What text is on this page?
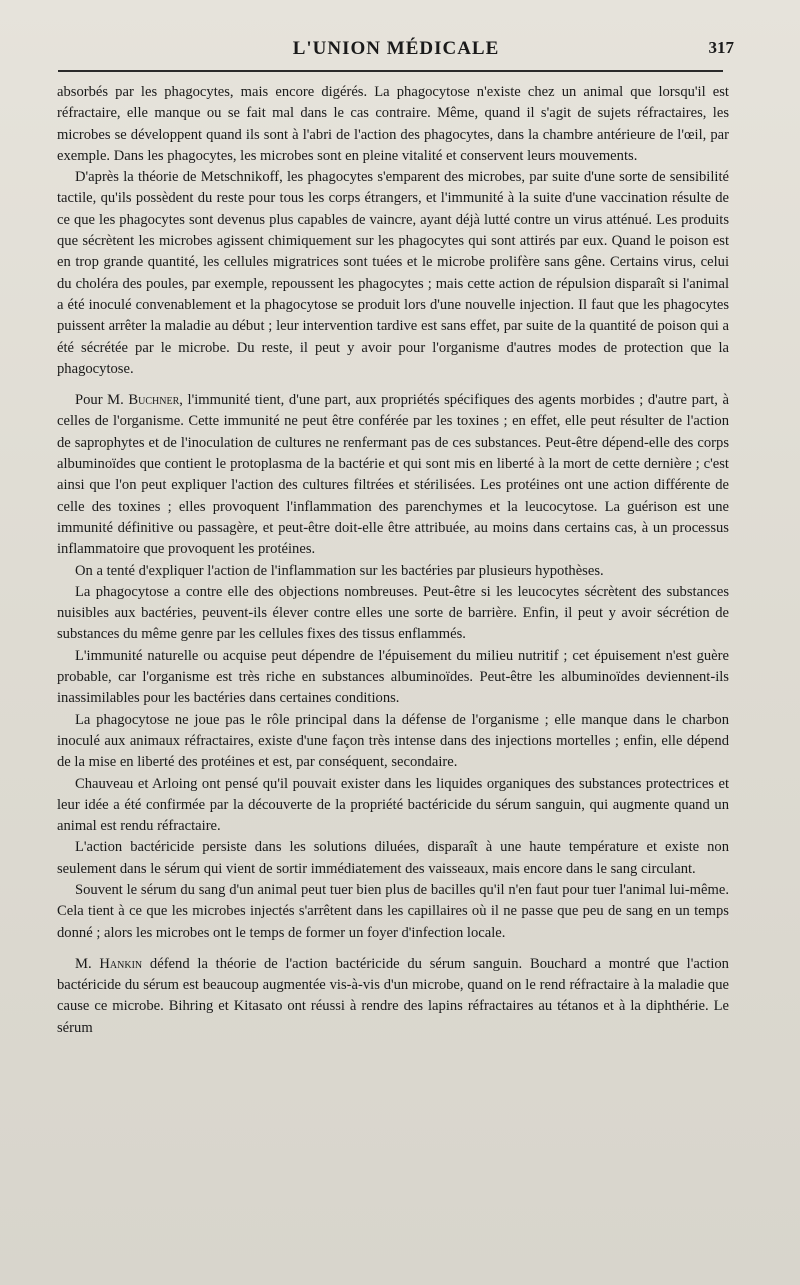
L'UNION MÉDICALE	317

absorbés par les phagocytes, mais encore digérés. La phagocytose n'existe chez un animal que lorsqu'il est réfractaire, elle manque ou se fait mal dans le cas contraire. Même, quand il s'agit de sujets réfractaires, les microbes se développent quand ils sont à l'abri de l'action des phagocytes, dans la chambre antérieure de l'œil, par exemple. Dans les phagocytes, les microbes sont en pleine vitalité et conservent leurs mouvements.

D'après la théorie de Metschnikoff, les phagocytes s'emparent des microbes, par suite d'une sorte de sensibilité tactile, qu'ils possèdent du reste pour tous les corps étrangers, et l'immunité à la suite d'une vaccination résulte de ce que les phagocytes sont devenus plus capables de vaincre, ayant déjà lutté contre un virus atténué. Les produits que sécrètent les microbes agissent chimiquement sur les phagocytes qui sont attirés par eux. Quand le poison est en trop grande quantité, les cellules migratrices sont tuées et le microbe prolifère sans gêne. Certains virus, celui du choléra des poules, par exemple, repoussent les phagocytes ; mais cette action de répulsion disparaît si l'animal a été inoculé convenablement et la phagocytose se produit lors d'une nouvelle injection. Il faut que les phagocytes puissent arrêter la maladie au début ; leur intervention tardive est sans effet, par suite de la quantité de poison qui a été sécrétée par le microbe. Du reste, il peut y avoir pour l'organisme d'autres modes de protection que la phagocytose.

Pour M. Buchner, l'immunité tient, d'une part, aux propriétés spécifiques des agents morbides ; d'autre part, à celles de l'organisme. Cette immunité ne peut être conférée par les toxines ; en effet, elle peut résulter de l'action de saprophytes et de l'inoculation de cultures ne renfermant pas de ces substances. Peut-être dépend-elle des corps albuminoïdes que contient le protoplasma de la bactérie et qui sont mis en liberté à la mort de cette dernière ; c'est ainsi que l'on peut expliquer l'action des cultures filtrées et stérilisées. Les protéines ont une action différente de celle des toxines ; elles provoquent l'inflammation des parenchymes et la leucocytose. La guérison est une immunité définitive ou passagère, et peut-être doit-elle être attribuée, au moins dans certains cas, à un processus inflammatoire que provoquent les protéines.

On a tenté d'expliquer l'action de l'inflammation sur les bactéries par plusieurs hypothèses.

La phagocytose a contre elle des objections nombreuses. Peut-être si les leucocytes sécrètent des substances nuisibles aux bactéries, peuvent-ils élever contre elles une sorte de barrière. Enfin, il peut y avoir sécrétion de substances du même genre par les cellules fixes des tissus enflammés.

L'immunité naturelle ou acquise peut dépendre de l'épuisement du milieu nutritif ; cet épuisement n'est guère probable, car l'organisme est très riche en substances albuminoïdes. Peut-être les albuminoïdes deviennent-ils inassimilables pour les bactéries dans certaines conditions.

La phagocytose ne joue pas le rôle principal dans la défense de l'organisme ; elle manque dans le charbon inoculé aux animaux réfractaires, existe d'une façon très intense dans des injections mortelles ; enfin, elle dépend de la mise en liberté des protéines et est, par conséquent, secondaire.

Chauveau et Arloing ont pensé qu'il pouvait exister dans les liquides organiques des substances protectrices et leur idée a été confirmée par la découverte de la propriété bactéricide du sérum sanguin, qui augmente quand un animal est rendu réfractaire.

L'action bactéricide persiste dans les solutions diluées, disparaît à une haute température et existe non seulement dans le sérum qui vient de sortir immédiatement des vaisseaux, mais encore dans le sang circulant.

Souvent le sérum du sang d'un animal peut tuer bien plus de bacilles qu'il n'en faut pour tuer l'animal lui-même. Cela tient à ce que les microbes injectés s'arrêtent dans les capillaires où il ne passe que peu de sang en un temps donné ; alors les microbes ont le temps de former un foyer d'infection locale.

M. Hankin défend la théorie de l'action bactéricide du sérum sanguin. Bouchard a montré que l'action bactéricide du sérum est beaucoup augmentée vis-à-vis d'un microbe, quand on le rend réfractaire à la maladie que cause ce microbe. Bihring et Kitasato ont réussi à rendre des lapins réfractaires au tétanos et à la diphthérie. Le sérum
